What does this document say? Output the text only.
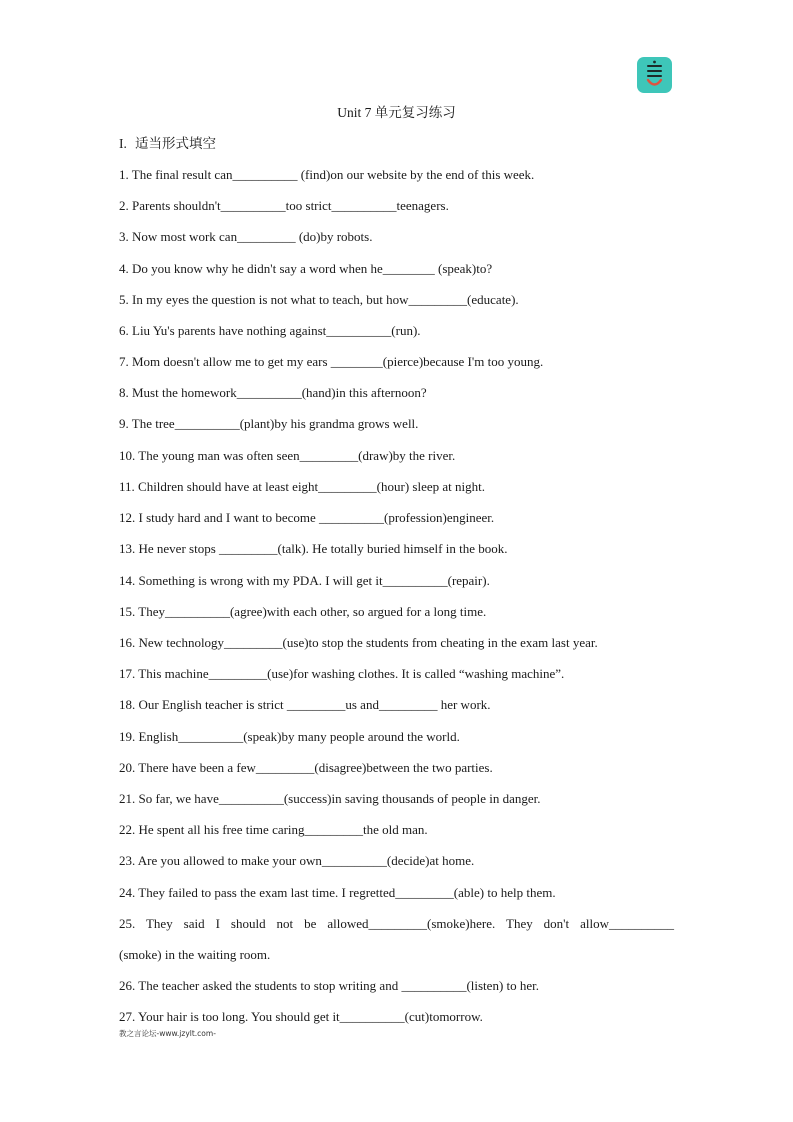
Unit 7 单元复习练习
I. 适当形式填空
1. The final result can__________ (find)on our website by the end of this week.
2. Parents shouldn't__________too strict__________teenagers.
3. Now most work can_________ (do)by robots.
4. Do you know why he didn't say a word when he________ (speak)to?
5. In my eyes the question is not what to teach, but how_________(educate).
6. Liu Yu's parents have nothing against__________(run).
7. Mom doesn't allow me to get my ears ________(pierce)because I'm too young.
8. Must the homework__________(hand)in this afternoon?
9. The tree__________(plant)by his grandma grows well.
10. The young man was often seen_________(draw)by the river.
11. Children should have at least eight_________(hour) sleep at night.
12. I study hard and I want to become __________(profession)engineer.
13. He never stops _________(talk). He totally buried himself in the book.
14. Something is wrong with my PDA. I will get it__________(repair).
15. They__________(agree)with each other, so argued for a long time.
16. New technology_________(use)to stop the students from cheating in the exam last year.
17. This machine_________(use)for washing clothes. It is called “washing machine”.
18. Our English teacher is strict _________us and_________ her work.
19. English__________(speak)by many people around the world.
20. There have been a few_________(disagree)between the two parties.
21. So far, we have__________(success)in saving thousands of people in danger.
22. He spent all his free time caring_________the old man.
23. Are you allowed to make your own__________(decide)at home.
24. They failed to pass the exam last time. I regretted_________(able) to help them.
25. They said I should not be allowed_________(smoke)here. They don't allow__________
(smoke) in the waiting room.
26. The teacher asked the students to stop writing and __________(listen) to her.
27. Your hair is too long. You should get it__________(cut)tomorrow.
教之言论坛-www.jzylt.com-
